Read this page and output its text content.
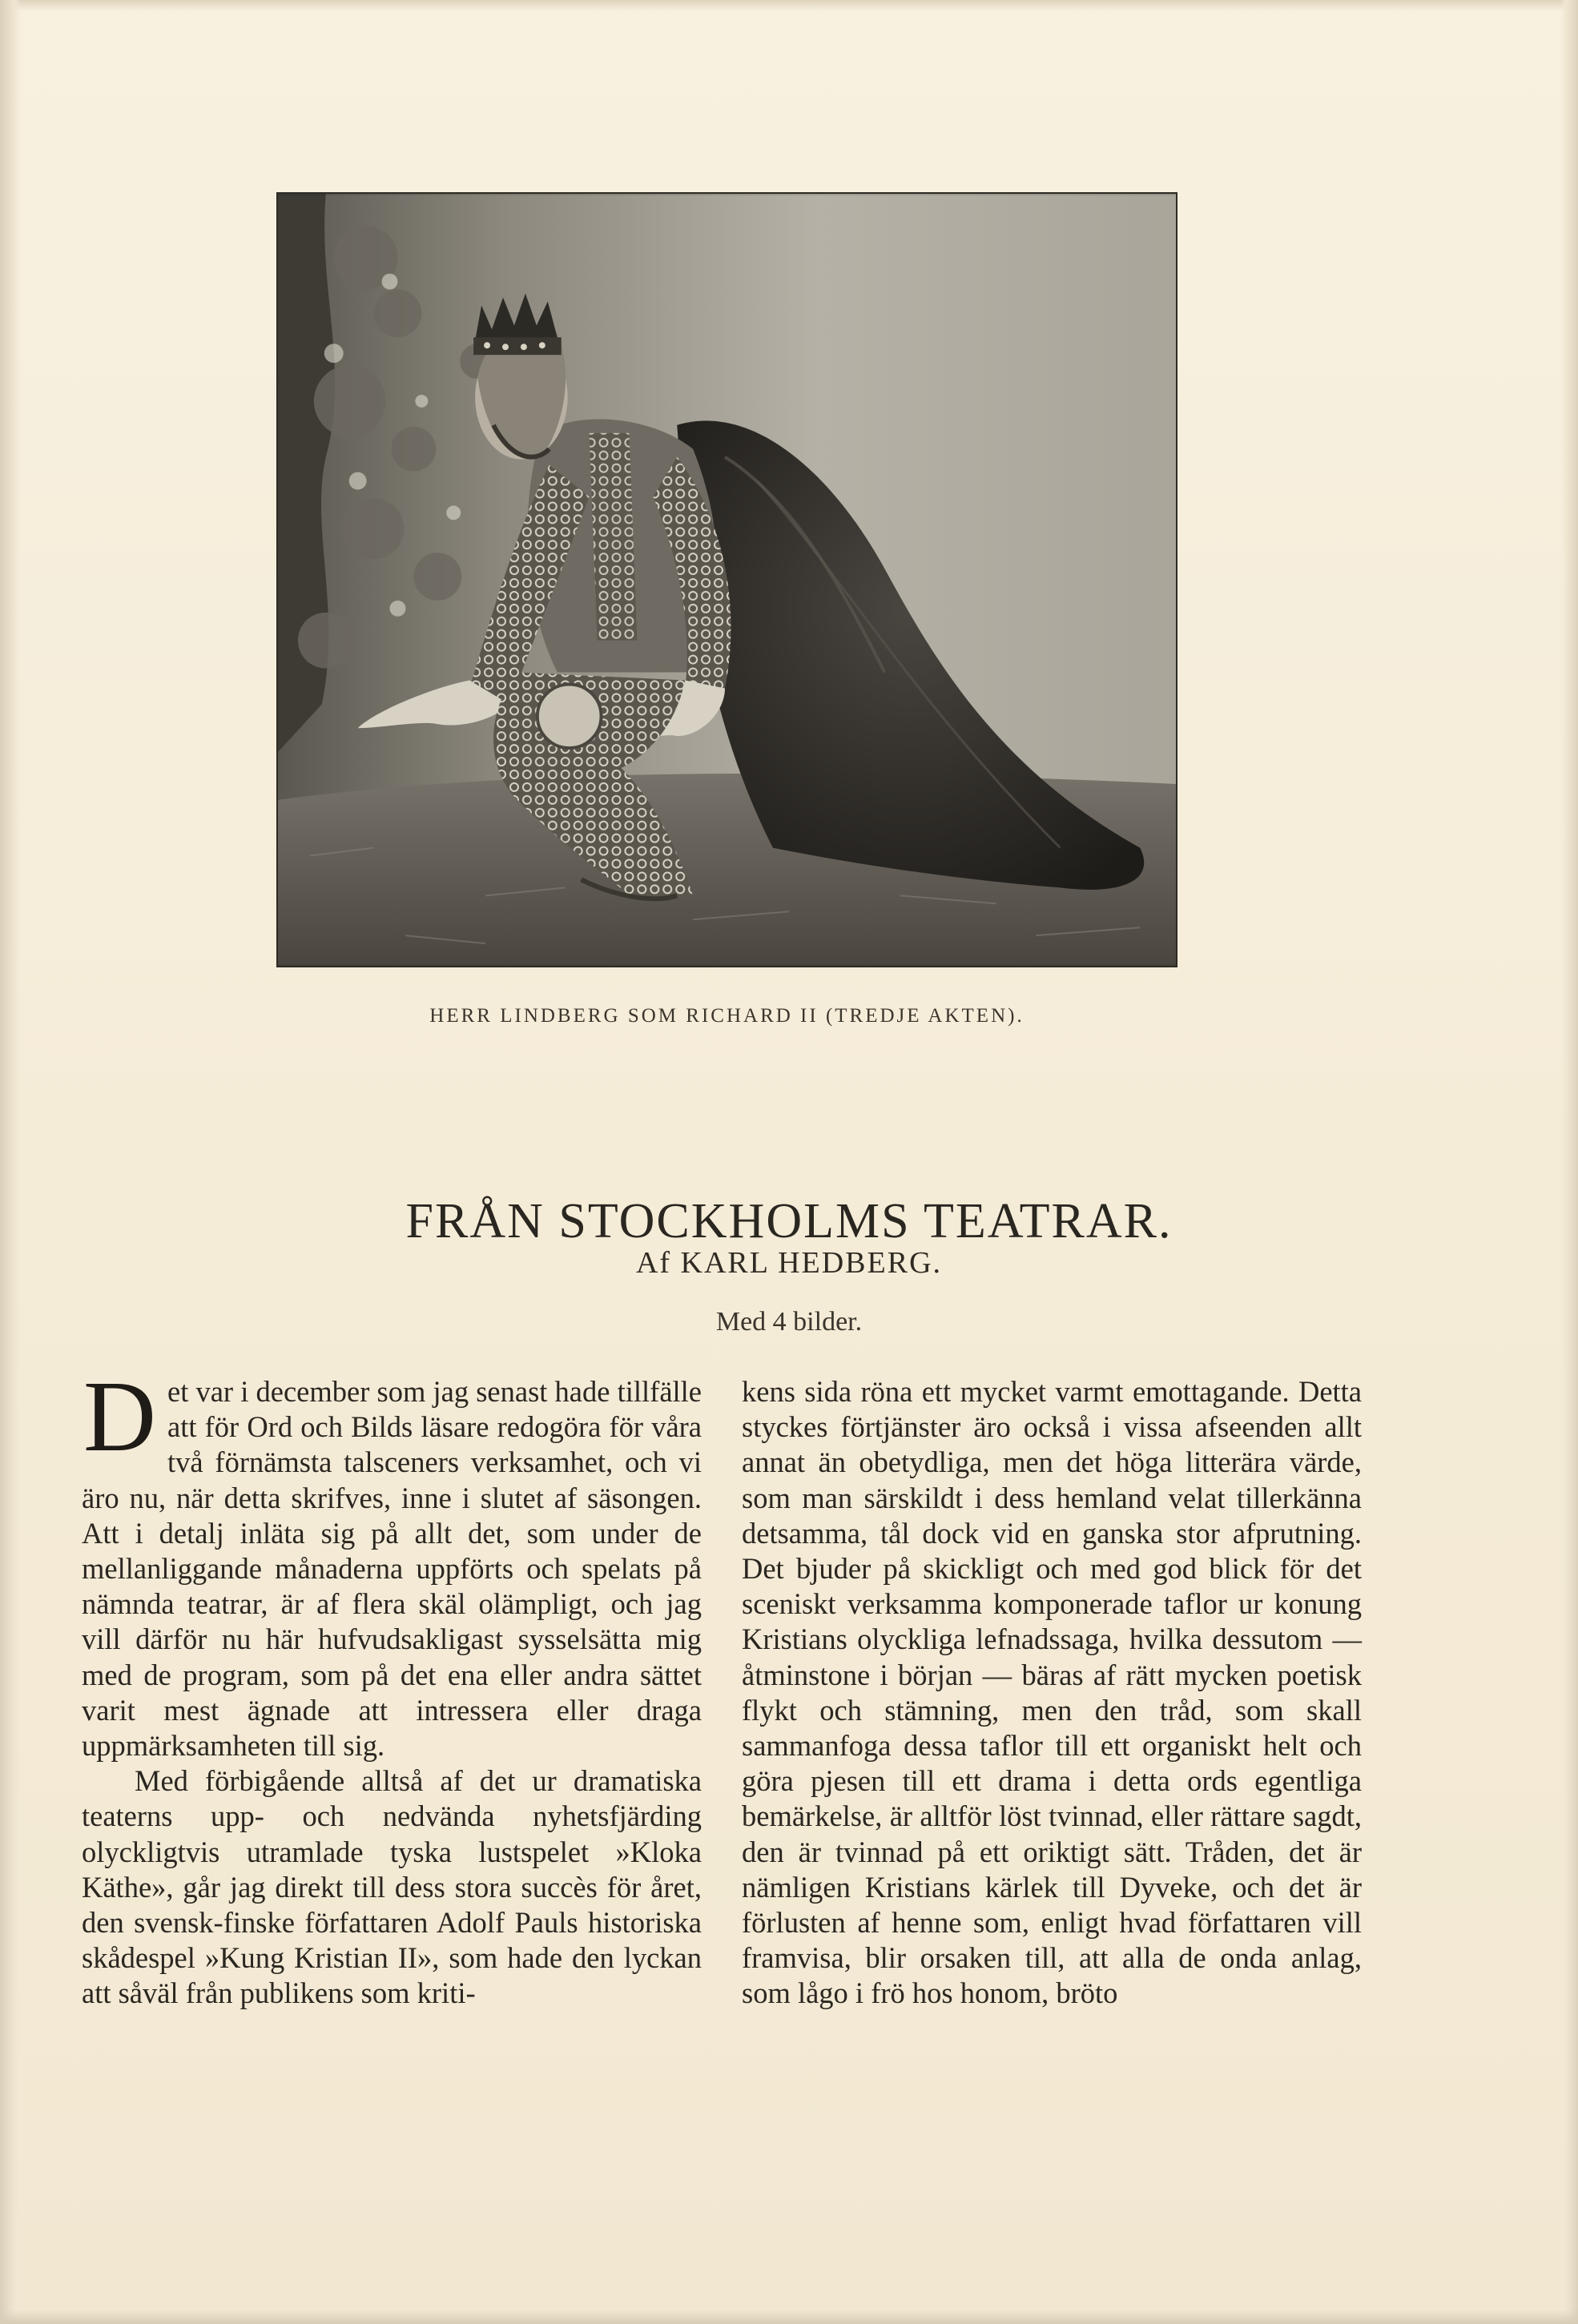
HERR LINDBERG SOM RICHARD II (TREDJE AKTEN).
FRÅN STOCKHOLMS TEATRAR.
Af KARL HEDBERG.
Med 4 bilder.

Det var i december som jag senast hade tillfälle att för Ord och Bilds läsare redogöra för våra två förnämsta talsceners verksamhet, och vi äro nu, när detta skrifves, inne i slutet af säsongen. Att i detalj inläta sig på allt det, som under de mellanliggande månaderna uppförts och spelats på nämnda teatrar, är af flera skäl olämpligt, och jag vill därför nu här hufvudsakligast sysselsätta mig med de program, som på det ena eller andra sättet varit mest ägnade att intressera eller draga uppmärksamheten till sig.

Med förbigående alltså af det ur dramatiska teaterns upp- och nedvända nyhetsfjärding olyckligtvis utramlade tyska lustspelet »Kloka Käthe», går jag direkt till dess stora succès för året, den svensk-finske författaren Adolf Pauls historiska skådespel »Kung Kristian II», som hade den lyckan att såväl från publikens som kriti-

kens sida röna ett mycket varmt emottagande. Detta styckes förtjänster äro också i vissa afseenden allt annat än obetydliga, men det höga litterära värde, som man särskildt i dess hemland velat tillerkänna detsamma, tål dock vid en ganska stor afprutning. Det bjuder på skickligt och med god blick för det sceniskt verksamma komponerade taflor ur konung Kristians olyckliga lefnadssaga, hvilka dessutom — åtminstone i början — bäras af rätt mycken poetisk flykt och stämning, men den tråd, som skall sammanfoga dessa taflor till ett organiskt helt och göra pjesen till ett drama i detta ords egentliga bemärkelse, är alltför löst tvinnad, eller rättare sagdt, den är tvinnad på ett oriktigt sätt. Tråden, det är nämligen Kristians kärlek till Dyveke, och det är förlusten af henne som, enligt hvad författaren vill framvisa, blir orsaken till, att alla de onda anlag, som lågo i frö hos honom, bröto
